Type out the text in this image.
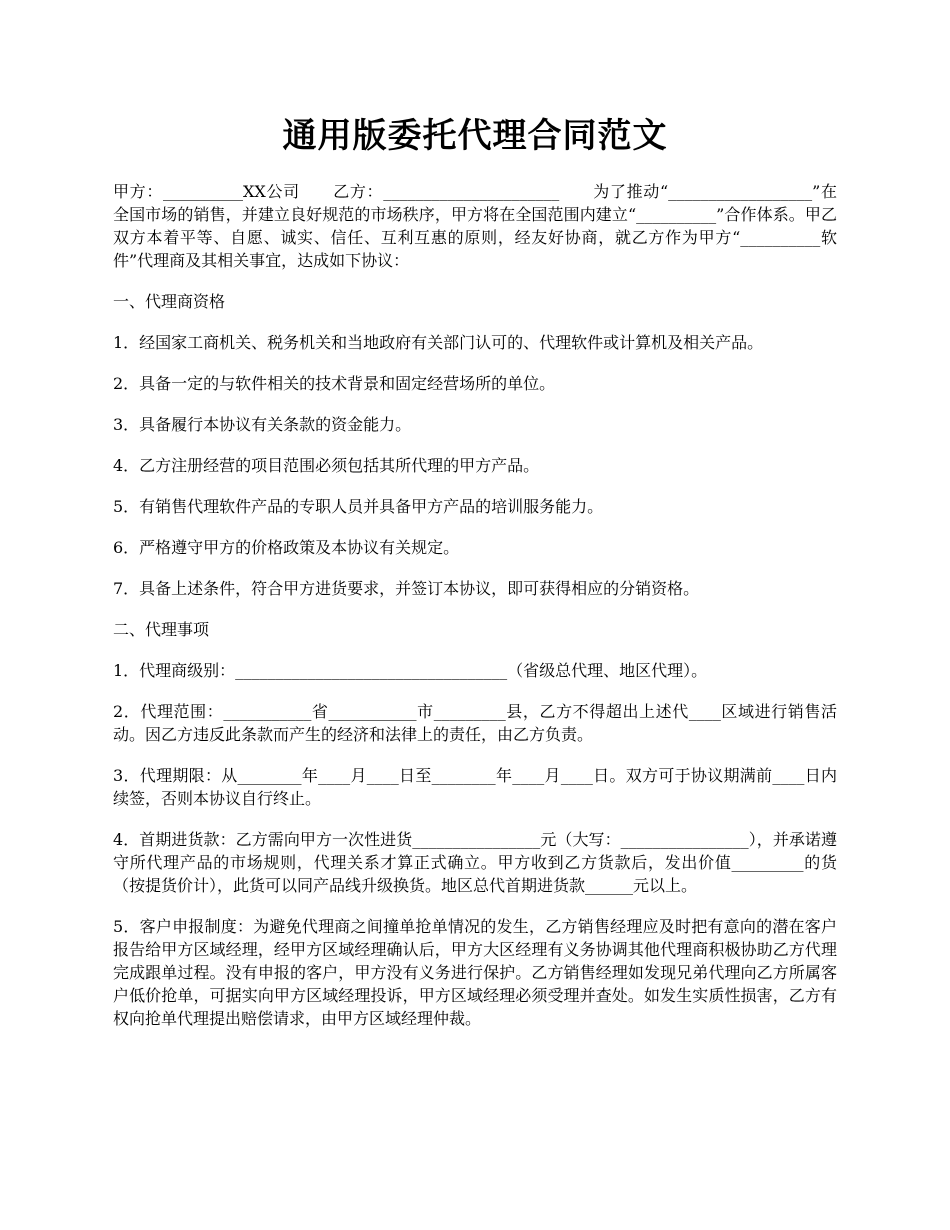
通用版委托代理合同范文

甲方：__________XX公司　　乙方：______________________　　为了推动“__________________”在全国市场的销售，并建立良好规范的市场秩序，甲方将在全国范围内建立“__________”合作体系。甲乙双方本着平等、自愿、诚实、信任、互利互惠的原则，经友好协商，就乙方作为甲方“__________软件”代理商及其相关事宜，达成如下协议：

一、代理商资格

1．经国家工商机关、税务机关和当地政府有关部门认可的、代理软件或计算机及相关产品。

2．具备一定的与软件相关的技术背景和固定经营场所的单位。

3．具备履行本协议有关条款的资金能力。

4．乙方注册经营的项目范围必须包括其所代理的甲方产品。

5．有销售代理软件产品的专职人员并具备甲方产品的培训服务能力。

6．严格遵守甲方的价格政策及本协议有关规定。

7．具备上述条件，符合甲方进货要求，并签订本协议，即可获得相应的分销资格。

二、代理事项

1．代理商级别：__________________________________（省级总代理、地区代理）。

2．代理范围：___________省___________市_________县，乙方不得超出上述代____区域进行销售活动。因乙方违反此条款而产生的经济和法律上的责任，由乙方负责。

3．代理期限：从________年____月____日至________年____月____日。双方可于协议期满前____日内续签，否则本协议自行终止。

4．首期进货款：乙方需向甲方一次性进货________________元（大写：________________），并承诺遵守所代理产品的市场规则，代理关系才算正式确立。甲方收到乙方货款后，发出价值_________的货（按提货价计），此货可以同产品线升级换货。地区总代首期进货款______元以上。

5．客户申报制度：为避免代理商之间撞单抢单情况的发生，乙方销售经理应及时把有意向的潜在客户报告给甲方区域经理，经甲方区域经理确认后，甲方大区经理有义务协调其他代理商积极协助乙方代理完成跟单过程。没有申报的客户，甲方没有义务进行保护。乙方销售经理如发现兄弟代理向乙方所属客户低价抢单，可据实向甲方区域经理投诉，甲方区域经理必须受理并查处。如发生实质性损害，乙方有权向抢单代理提出赔偿请求，由甲方区域经理仲裁。
